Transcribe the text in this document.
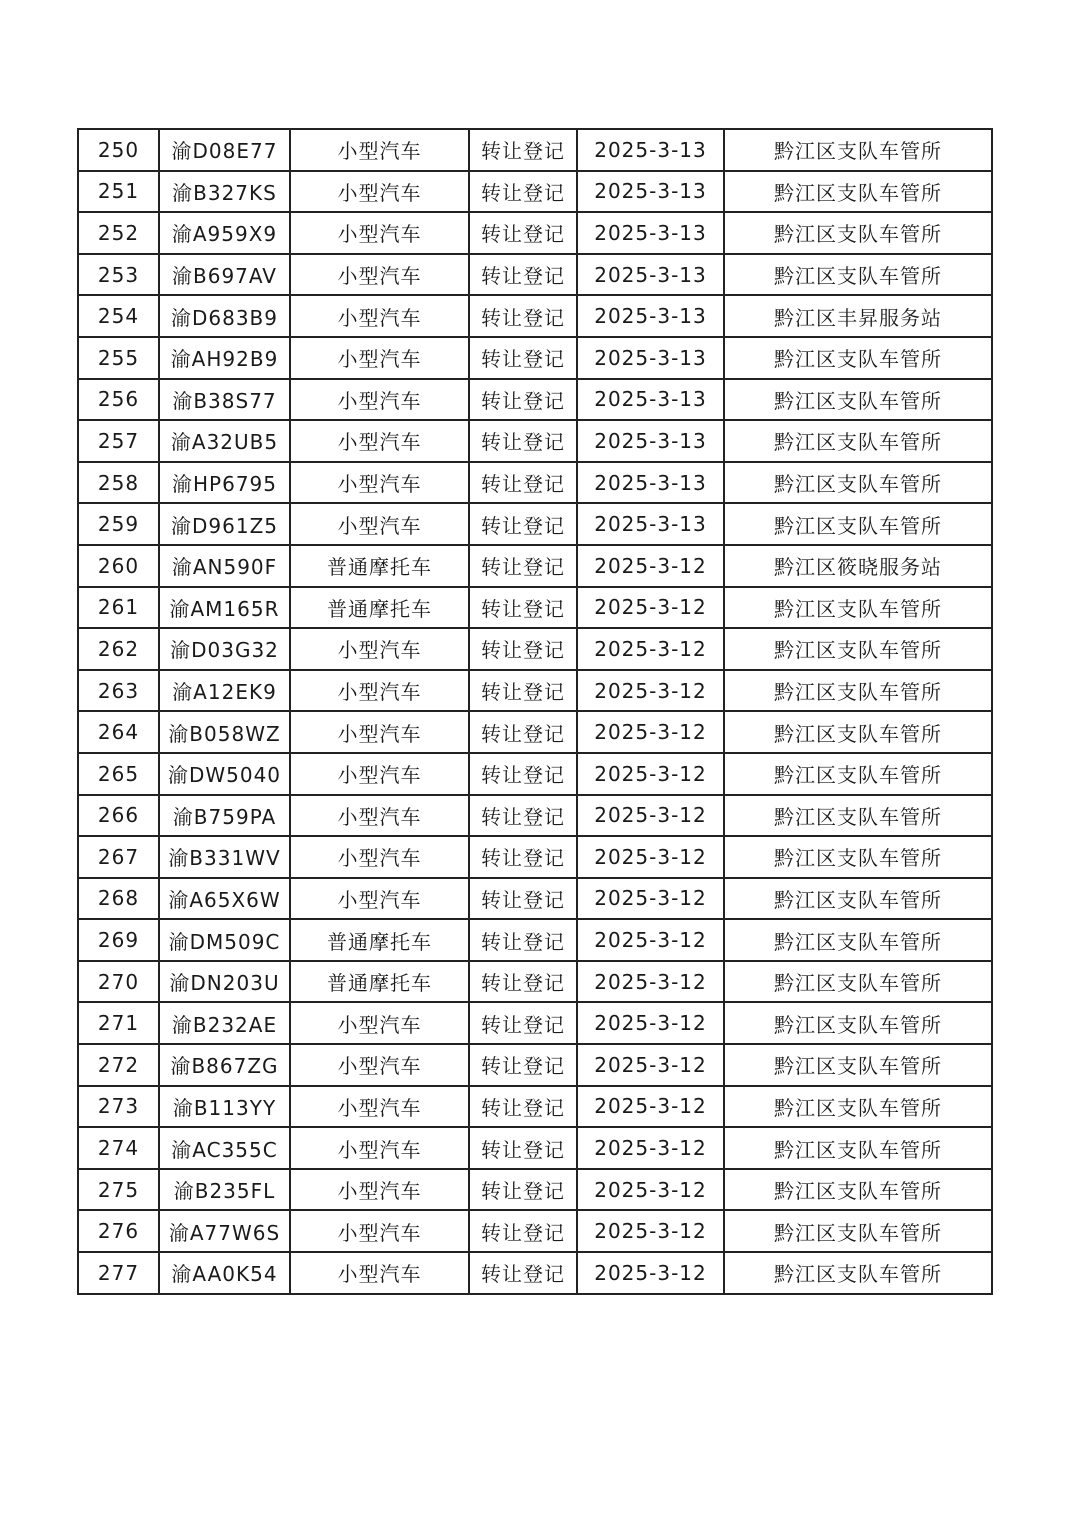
250	渝D08E77	小型汽车	转让登记	2025-3-13	黔江区支队车管所
251	渝B327KS	小型汽车	转让登记	2025-3-13	黔江区支队车管所
252	渝A959X9	小型汽车	转让登记	2025-3-13	黔江区支队车管所
253	渝B697AV	小型汽车	转让登记	2025-3-13	黔江区支队车管所
254	渝D683B9	小型汽车	转让登记	2025-3-13	黔江区丰昇服务站
255	渝AH92B9	小型汽车	转让登记	2025-3-13	黔江区支队车管所
256	渝B38S77	小型汽车	转让登记	2025-3-13	黔江区支队车管所
257	渝A32UB5	小型汽车	转让登记	2025-3-13	黔江区支队车管所
258	渝HP6795	小型汽车	转让登记	2025-3-13	黔江区支队车管所
259	渝D961Z5	小型汽车	转让登记	2025-3-13	黔江区支队车管所
260	渝AN590F	普通摩托车	转让登记	2025-3-12	黔江区筱晓服务站
261	渝AM165R	普通摩托车	转让登记	2025-3-12	黔江区支队车管所
262	渝D03G32	小型汽车	转让登记	2025-3-12	黔江区支队车管所
263	渝A12EK9	小型汽车	转让登记	2025-3-12	黔江区支队车管所
264	渝B058WZ	小型汽车	转让登记	2025-3-12	黔江区支队车管所
265	渝DW5040	小型汽车	转让登记	2025-3-12	黔江区支队车管所
266	渝B759PA	小型汽车	转让登记	2025-3-12	黔江区支队车管所
267	渝B331WV	小型汽车	转让登记	2025-3-12	黔江区支队车管所
268	渝A65X6W	小型汽车	转让登记	2025-3-12	黔江区支队车管所
269	渝DM509C	普通摩托车	转让登记	2025-3-12	黔江区支队车管所
270	渝DN203U	普通摩托车	转让登记	2025-3-12	黔江区支队车管所
271	渝B232AE	小型汽车	转让登记	2025-3-12	黔江区支队车管所
272	渝B867ZG	小型汽车	转让登记	2025-3-12	黔江区支队车管所
273	渝B113YY	小型汽车	转让登记	2025-3-12	黔江区支队车管所
274	渝AC355C	小型汽车	转让登记	2025-3-12	黔江区支队车管所
275	渝B235FL	小型汽车	转让登记	2025-3-12	黔江区支队车管所
276	渝A77W6S	小型汽车	转让登记	2025-3-12	黔江区支队车管所
277	渝AA0K54	小型汽车	转让登记	2025-3-12	黔江区支队车管所
